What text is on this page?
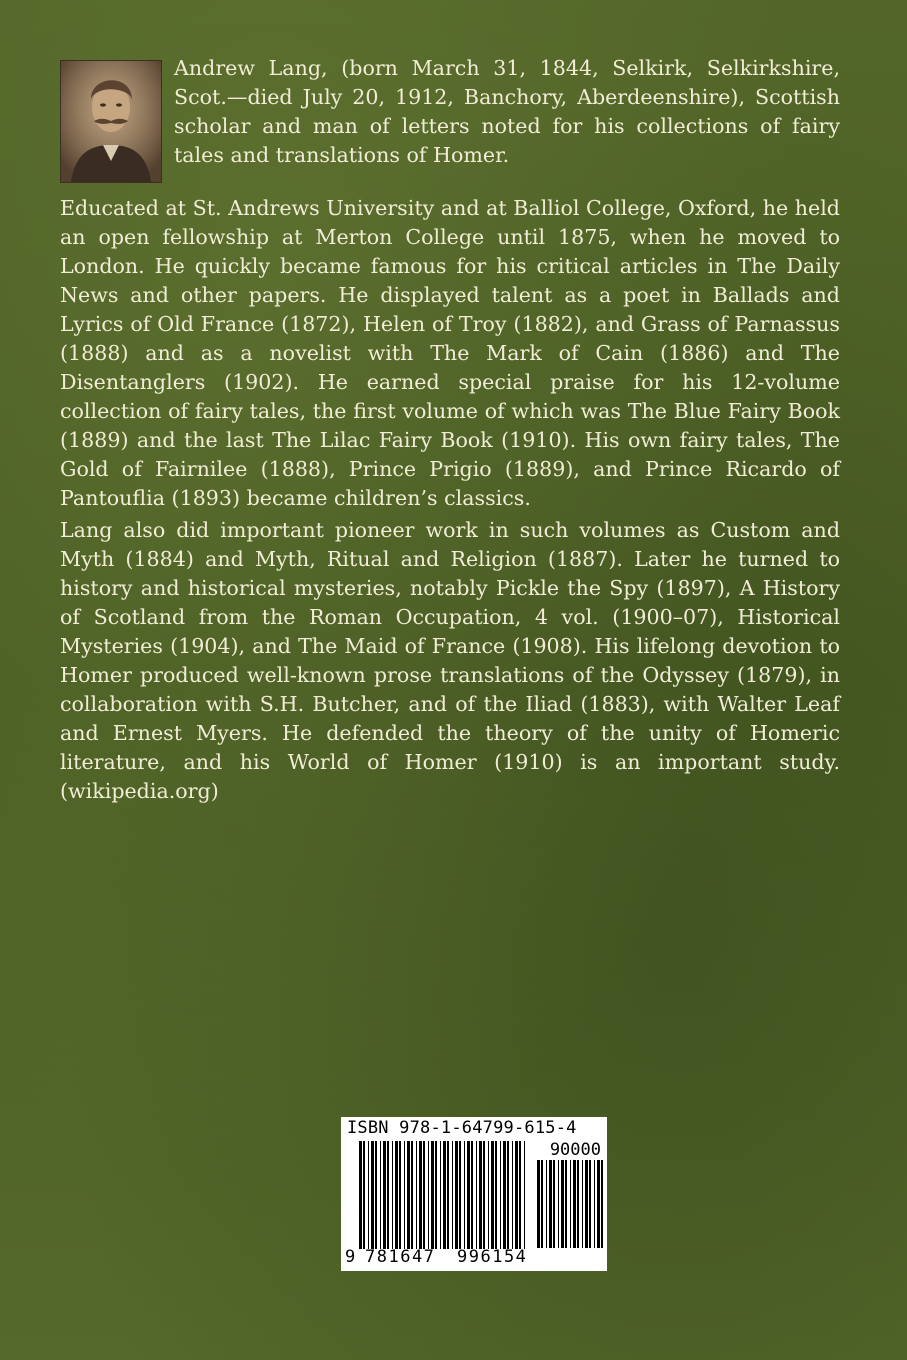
Andrew Lang, (born March 31, 1844, Selkirk, Selkirkshire, Scot.—died July 20, 1912, Banchory, Aberdeenshire), Scottish scholar and man of letters noted for his collections of fairy tales and translations of Homer.

Educated at St. Andrews University and at Balliol College, Oxford, he held an open fellowship at Merton College until 1875, when he moved to London. He quickly became famous for his critical articles in The Daily News and other papers. He displayed talent as a poet in Ballads and Lyrics of Old France (1872), Helen of Troy (1882), and Grass of Parnassus (1888) and as a novelist with The Mark of Cain (1886) and The Disentanglers (1902). He earned special praise for his 12-volume collection of fairy tales, the first volume of which was The Blue Fairy Book (1889) and the last The Lilac Fairy Book (1910). His own fairy tales, The Gold of Fairnilee (1888), Prince Prigio (1889), and Prince Ricardo of Pantouflia (1893) became children’s classics.

Lang also did important pioneer work in such volumes as Custom and Myth (1884) and Myth, Ritual and Religion (1887). Later he turned to history and historical mysteries, notably Pickle the Spy (1897), A History of Scotland from the Roman Occupation, 4 vol. (1900–07), Historical Mysteries (1904), and The Maid of France (1908). His lifelong devotion to Homer produced well-known prose translations of the Odyssey (1879), in collaboration with S.H. Butcher, and of the Iliad (1883), with Walter Leaf and Ernest Myers. He defended the theory of the unity of Homeric literature, and his World of Homer (1910) is an important study. (wikipedia.org)

ISBN 978-1-64799-615-4
90000
9 781647 996154
